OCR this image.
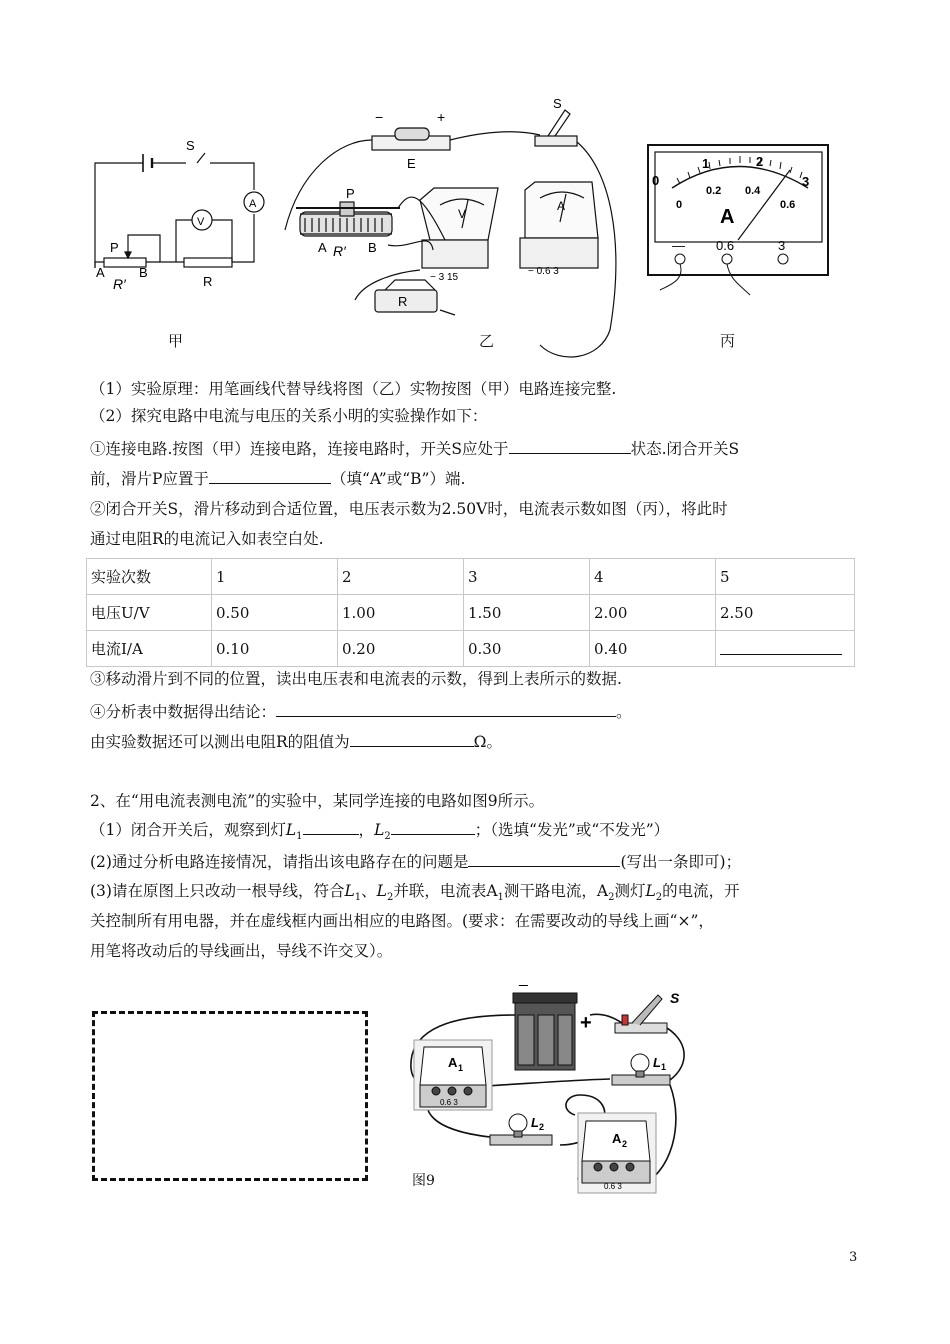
S
A
V
P
A	B
R′	R
−	+
E
S
P
A R′ B
V
− 3 15
A
− 0.6 3
R
0
1	2
3
0
0.2 0.4
0.6
A
— 0.6	3
甲	乙	丙
（1）实验原理：用笔画线代替导线将图（乙）实物按图（甲）电路连接完整.
（2）探究电路中电流与电压的关系小明的实验操作如下：
①连接电路.按图（甲）连接电路，连接电路时，开关S应处于	状态.闭合开关S
前，滑片P应置于	（填“A”或“B”）端.
②闭合开关S，滑片移动到合适位置，电压表示数为2.50V时，电流表示数如图（丙），将此时
通过电阻R的电流记入如表空白处.
实验次数	1	2	3	4	5
电压U/V	0.50	1.00	1.50	2.00	2.50
电流I/A	0.10	0.20	0.30	0.40	
③移动滑片到不同的位置，读出电压表和电流表的示数，得到上表所示的数据.
④分析表中数据得出结论：	。
由实验数据还可以测出电阻R的阻值为	Ω。
2、在“用电流表测电流”的实验中，某同学连接的电路如图9所示。
（1）闭合开关后，观察到灯$L_1$	，$L_2$	；（选填“发光”或“不发光”）
(2)通过分析电路连接情况，请指出该电路存在的问题是	(写出一条即可)；
(3)请在原图上只改动一根导线，符合$L_1$、$L_2$并联，电流表$A_1$测干路电流，$A_2$测灯$L_2$的电流，开
关控制所有用电器，并在虚线框内画出相应的电路图。(要求：在需要改动的导线上画“×”，
用笔将改动后的导线画出，导线不许交叉）。
−
+
S
A 1
0.6 3
L 1
L 2
A 2
0.6 3
图9
3
